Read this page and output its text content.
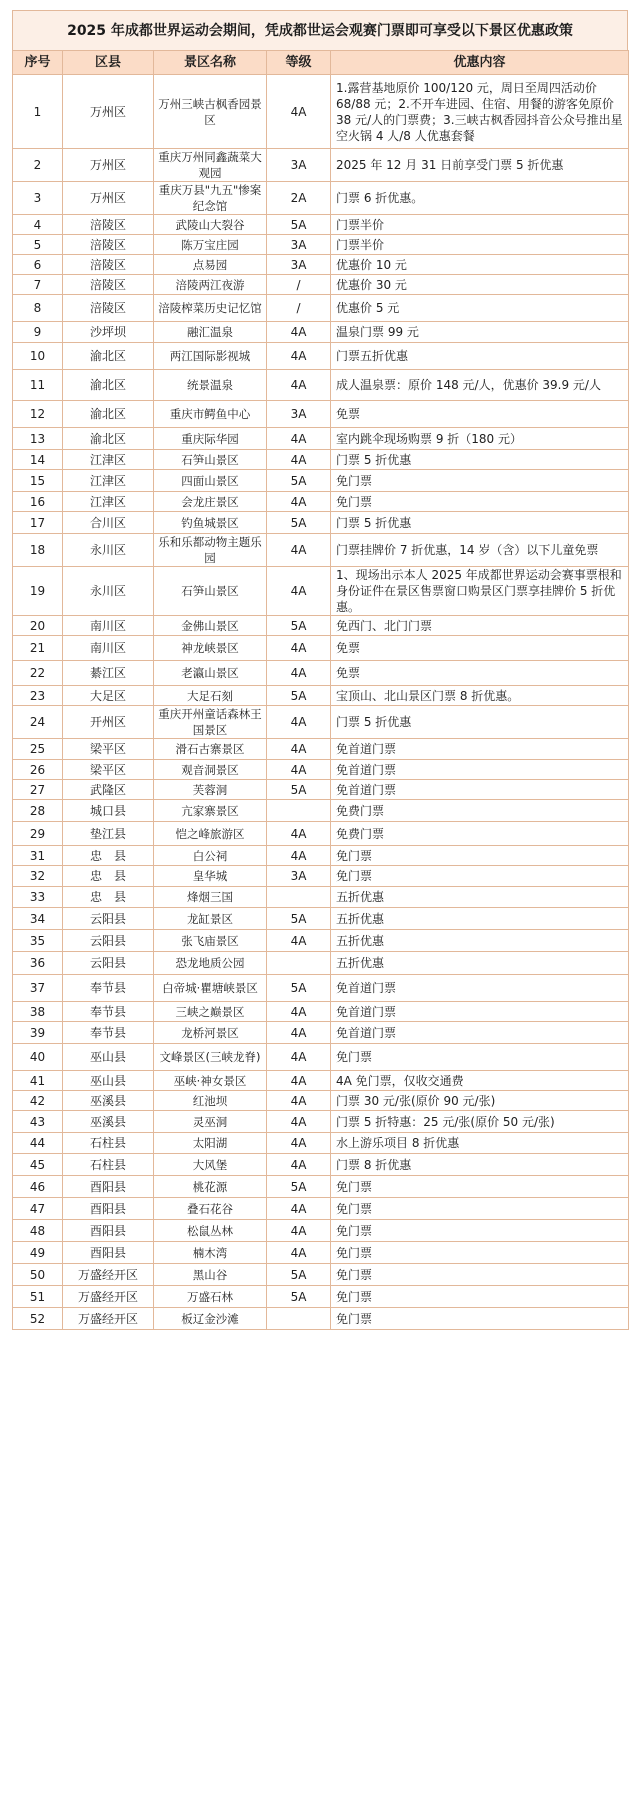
2025 年成都世界运动会期间，凭成都世运会观赛门票即可享受以下景区优惠政策
序号	区县	景区名称	等级	优惠内容
1	万州区	万州三峡古枫香园景区	4A	1.露营基地原价 100/120 元，周日至周四活动价 68/88 元；2.不开车进园、住宿、用餐的游客免原价 38 元/人的门票费；3.三峡古枫香园抖音公众号推出星空火锅 4 人/8 人优惠套餐
2	万州区	重庆万州同鑫蔬菜大观园	3A	2025 年 12 月 31 日前享受门票 5 折优惠
3	万州区	重庆万县"九五"惨案纪念馆	2A	门票 6 折优惠。
4	涪陵区	武陵山大裂谷	5A	门票半价
5	涪陵区	陈万宝庄园	3A	门票半价
6	涪陵区	点易园	3A	优惠价 10 元
7	涪陵区	涪陵两江夜游	/	优惠价 30 元
8	涪陵区	涪陵榨菜历史记忆馆	/	优惠价 5 元
9	沙坪坝	融汇温泉	4A	温泉门票 99 元
10	渝北区	两江国际影视城	4A	门票五折优惠
11	渝北区	统景温泉	4A	成人温泉票：原价 148 元/人，优惠价 39.9 元/人
12	渝北区	重庆市鳄鱼中心	3A	免票
13	渝北区	重庆际华园	4A	室内跳伞现场购票 9 折（180 元）
14	江津区	石笋山景区	4A	门票 5 折优惠
15	江津区	四面山景区	5A	免门票
16	江津区	会龙庄景区	4A	免门票
17	合川区	钓鱼城景区	5A	门票 5 折优惠
18	永川区	乐和乐都动物主题乐园	4A	门票挂牌价 7 折优惠，14 岁（含）以下儿童免票
19	永川区	石笋山景区	4A	1、现场出示本人 2025 年成都世界运动会赛事票根和身份证件在景区售票窗口购景区门票享挂牌价 5 折优惠。
20	南川区	金佛山景区	5A	免西门、北门门票
21	南川区	神龙峡景区	4A	免票
22	綦江区	老瀛山景区	4A	免票
23	大足区	大足石刻	5A	宝顶山、北山景区门票 8 折优惠。
24	开州区	重庆开州童话森林王国景区	4A	门票 5 折优惠
25	梁平区	滑石古寨景区	4A	免首道门票
26	梁平区	观音洞景区	4A	免首道门票
27	武隆区	芙蓉洞	5A	免首道门票
28	城口县	亢家寨景区		免费门票
29	垫江县	恺之峰旅游区	4A	免费门票
31	忠　县	白公祠	4A	免门票
32	忠　县	皇华城	3A	免门票
33	忠　县	烽烟三国		五折优惠
34	云阳县	龙缸景区	5A	五折优惠
35	云阳县	张飞庙景区	4A	五折优惠
36	云阳县	恐龙地质公园		五折优惠
37	奉节县	白帝城·瞿塘峡景区	5A	免首道门票
38	奉节县	三峡之巅景区	4A	免首道门票
39	奉节县	龙桥河景区	4A	免首道门票
40	巫山县	文峰景区(三峡龙脊)	4A	免门票
41	巫山县	巫峡·神女景区	4A	4A 免门票，仅收交通费
42	巫溪县	红池坝	4A	门票 30 元/张(原价 90 元/张)
43	巫溪县	灵巫洞	4A	门票 5 折特惠：25 元/张(原价 50 元/张)
44	石柱县	太阳湖	4A	水上游乐项目 8 折优惠
45	石柱县	大风堡	4A	门票 8 折优惠
46	酉阳县	桃花源	5A	免门票
47	酉阳县	叠石花谷	4A	免门票
48	酉阳县	松鼠丛林	4A	免门票
49	酉阳县	楠木湾	4A	免门票
50	万盛经开区	黑山谷	5A	免门票
51	万盛经开区	万盛石林	5A	免门票
52	万盛经开区	板辽金沙滩		免门票
